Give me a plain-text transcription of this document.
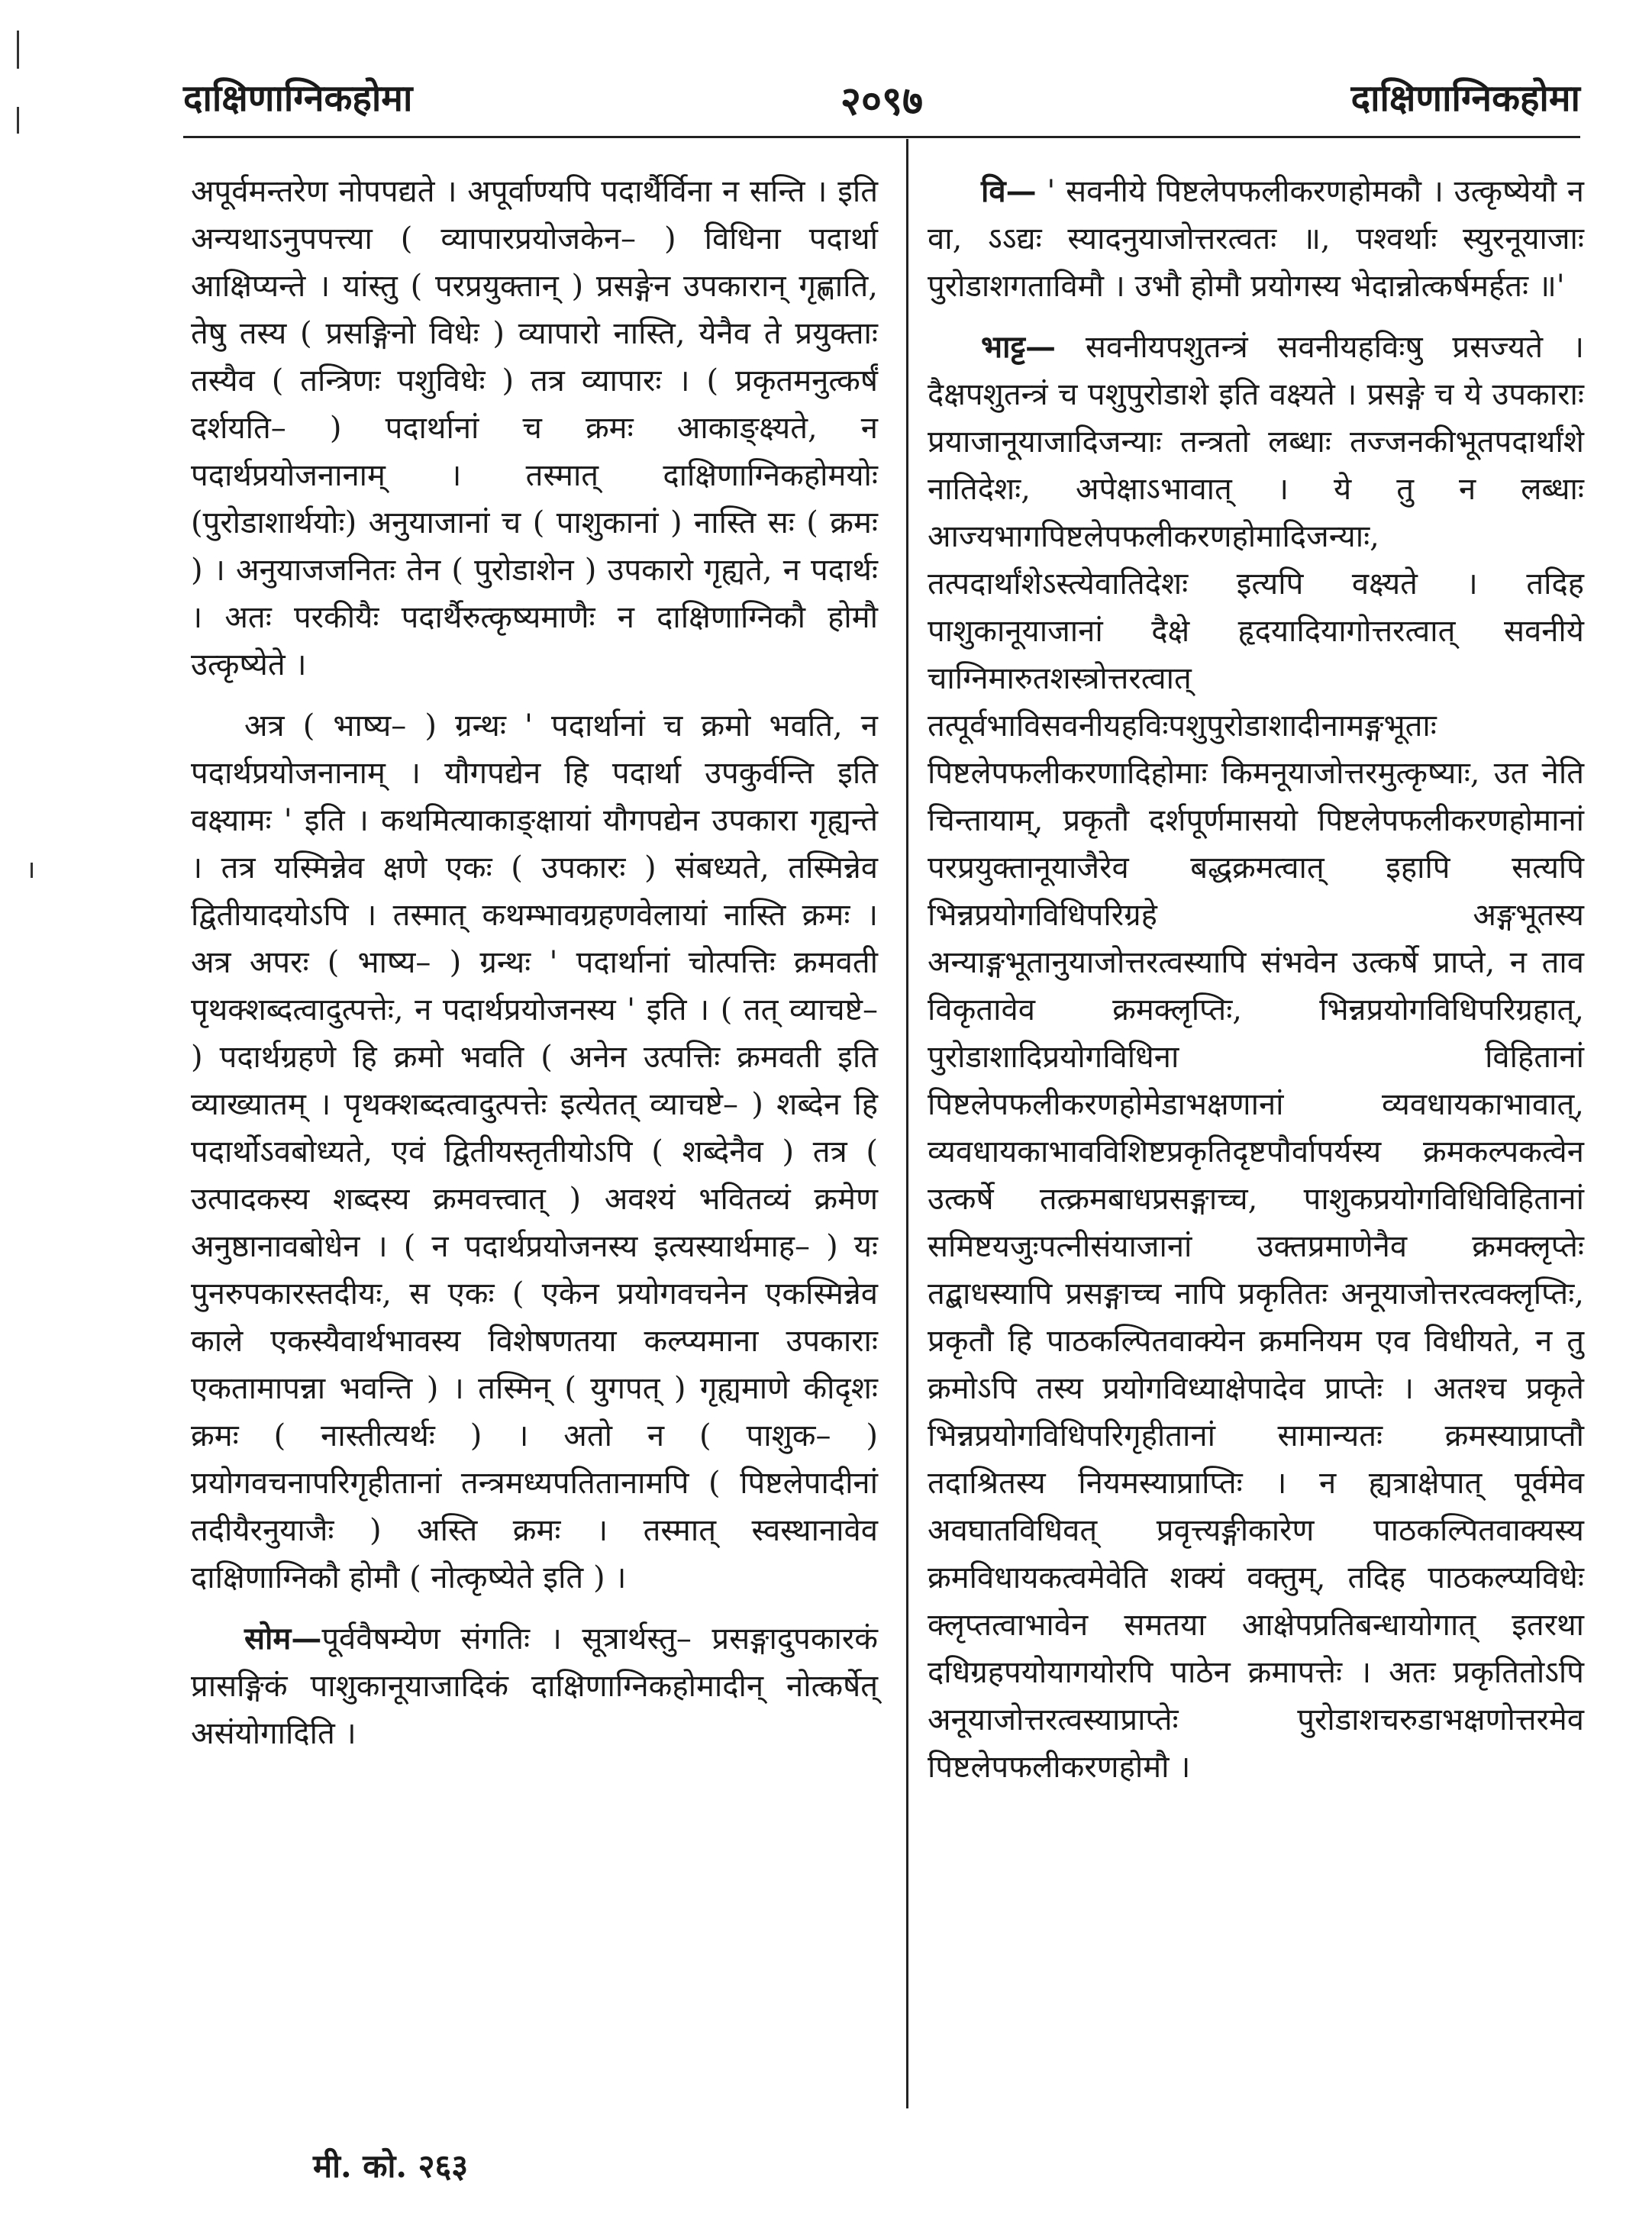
दाक्षिणाग्निकहोमा	२०९७	दाक्षिणाग्निकहोमा

अपूर्वमन्तरेण नोपपद्यते । अपूर्वाण्यपि पदार्थैर्विना न सन्ति । इति अन्यथाऽनुपपत्त्या ( व्यापारप्रयोजकेन– ) विधिना पदार्था आक्षिप्यन्ते । यांस्तु ( परप्रयुक्तान् ) प्रसङ्गेन उपकारान् गृह्णाति, तेषु तस्य ( प्रसङ्गिनो विधेः ) व्यापारो नास्ति, येनैव ते प्रयुक्ताः तस्यैव ( तन्त्रिणः पशुविधेः ) तत्र व्यापारः । ( प्रकृतमनुत्कर्षं दर्शयति– ) पदार्थानां च क्रमः आकाङ्क्ष्यते, न पदार्थप्रयोजनानाम् । तस्मात् दाक्षिणाग्निकहोमयोः (पुरोडाशार्थयोः) अनुयाजानां च ( पाशुकानां ) नास्ति सः ( क्रमः ) । अनुयाजजनितः तेन ( पुरोडाशेन ) उपकारो गृह्यते, न पदार्थः । अतः परकीयैः पदार्थैरुत्कृष्यमाणैः न दाक्षिणाग्निकौ होमौ उत्कृष्येते ।

अत्र ( भाष्य– ) ग्रन्थः ' पदार्थानां च क्रमो भवति, न पदार्थप्रयोजनानाम् । यौगपद्येन हि पदार्था उपकुर्वन्ति इति वक्ष्यामः ' इति । कथमित्याकाङ्क्षायां यौगपद्येन उपकारा गृह्यन्ते । तत्र यस्मिन्नेव क्षणे एकः ( उपकारः ) संबध्यते, तस्मिन्नेव द्वितीयादयोऽपि । तस्मात् कथम्भावग्रहणवेलायां नास्ति क्रमः । अत्र अपरः ( भाष्य– ) ग्रन्थः ' पदार्थानां चोत्पत्तिः क्रमवती पृथक्शब्दत्वादुत्पत्तेः, न पदार्थप्रयोजनस्य ' इति । ( तत् व्याचष्टे– ) पदार्थग्रहणे हि क्रमो भवति ( अनेन उत्पत्तिः क्रमवती इति व्याख्यातम् । पृथक्शब्दत्वादुत्पत्तेः इत्येतत् व्याचष्टे– ) शब्देन हि पदार्थोऽवबोध्यते, एवं द्वितीयस्तृतीयोऽपि ( शब्देनैव ) तत्र ( उत्पादकस्य शब्दस्य क्रमवत्त्वात् ) अवश्यं भवितव्यं क्रमेण अनुष्ठानावबोधेन । ( न पदार्थप्रयोजनस्य इत्यस्यार्थमाह– ) यः पुनरुपकारस्तदीयः, स एकः ( एकेन प्रयोगवचनेन एकस्मिन्नेव काले एकस्यैवार्थभावस्य विशेषणतया कल्प्यमाना उपकाराः एकतामापन्ना भवन्ति ) । तस्मिन् ( युगपत् ) गृह्यमाणे कीदृशः क्रमः ( नास्तीत्यर्थः ) । अतो न ( पाशुक– ) प्रयोगवचनापरिगृहीतानां तन्त्रमध्यपतितानामपि ( पिष्टलेपादीनां तदीयैरनुयाजैः ) अस्ति क्रमः । तस्मात् स्वस्थानावेव दाक्षिणाग्निकौ होमौ ( नोत्कृष्येते इति ) ।

सोम—पूर्ववैषम्येण संगतिः । सूत्रार्थस्तु– प्रसङ्गादुपकारकं प्रासङ्गिकं पाशुकानूयाजादिकं दाक्षिणाग्निकहोमादीन् नोत्कर्षेत् असंयोगादिति ।

वि— ' सवनीये पिष्टलेपफलीकरणहोमकौ । उत्कृष्येयौ न वा, ऽऽद्यः स्यादनुयाजोत्तरत्वतः ॥, पश्वर्थाः स्युरनूयाजाः पुरोडाशगताविमौ । उभौ होमौ प्रयोगस्य भेदान्नोत्कर्षमर्हतः ॥'

भाट्ट— सवनीयपशुतन्त्रं सवनीयहविःषु प्रसज्यते । दैक्षपशुतन्त्रं च पशुपुरोडाशे इति वक्ष्यते । प्रसङ्गे च ये उपकाराः प्रयाजानूयाजादिजन्याः तन्त्रतो लब्धाः तज्जनकीभूतपदार्थांशे नातिदेशः, अपेक्षाऽभावात् । ये तु न लब्धाः आज्यभागपिष्टलेपफलीकरणहोमादिजन्याः, तत्पदार्थांशेऽस्त्येवातिदेशः इत्यपि वक्ष्यते । तदिह पाशुकानूयाजानां दैक्षे हृदयादियागोत्तरत्वात् सवनीये चाग्निमारुतशस्त्रोत्तरत्वात् तत्पूर्वभाविसवनीयहविःपशुपुरोडाशादीनामङ्गभूताः पिष्टलेपफलीकरणादिहोमाः किमनूयाजोत्तरमुत्कृष्याः, उत नेति चिन्तायाम्, प्रकृतौ दर्शपूर्णमासयो पिष्टलेपफलीकरणहोमानां परप्रयुक्तानूयाजैरेव बद्धक्रमत्वात् इहापि सत्यपि भिन्नप्रयोगविधिपरिग्रहे अङ्गभूतस्य अन्याङ्गभूतानुयाजोत्तरत्वस्यापि संभवेन उत्कर्षे प्राप्ते, न ताव विकृतावेव क्रमक्लृप्तिः, भिन्नप्रयोगविधिपरिग्रहात्, पुरोडाशादिप्रयोगविधिना विहितानां पिष्टलेपफलीकरणहोमेडाभक्षणानां व्यवधायकाभावात्, व्यवधायकाभावविशिष्टप्रकृतिदृष्टपौर्वापर्यस्य क्रमकल्पकत्वेन उत्कर्षे तत्क्रमबाधप्रसङ्गाच्च, पाशुकप्रयोगविधिविहितानां समिष्टयजुःपत्नीसंयाजानां उक्तप्रमाणेनैव क्रमक्लृप्तेः तद्बाधस्यापि प्रसङ्गाच्च नापि प्रकृतितः अनूयाजोत्तरत्वक्लृप्तिः, प्रकृतौ हि पाठकल्पितवाक्येन क्रमनियम एव विधीयते, न तु क्रमोऽपि तस्य प्रयोगविध्याक्षेपादेव प्राप्तेः । अतश्च प्रकृते भिन्नप्रयोगविधिपरिगृहीतानां सामान्यतः क्रमस्याप्राप्तौ तदाश्रितस्य नियमस्याप्राप्तिः । न ह्यत्राक्षेपात् पूर्वमेव अवघातविधिवत् प्रवृत्त्यङ्गीकारेण पाठकल्पितवाक्यस्य क्रमविधायकत्वमेवेति शक्यं वक्तुम्, तदिह पाठकल्प्यविधेः क्लृप्तत्वाभावेन समतया आक्षेपप्रतिबन्धायोगात् इतरथा दधिग्रहपयोयागयोरपि पाठेन क्रमापत्तेः । अतः प्रकृतितोऽपि अनूयाजोत्तरत्वस्याप्राप्तेः पुरोडाशचरुडाभक्षणोत्तरमेव पिष्टलेपफलीकरणहोमौ ।

मी. को. २६३
